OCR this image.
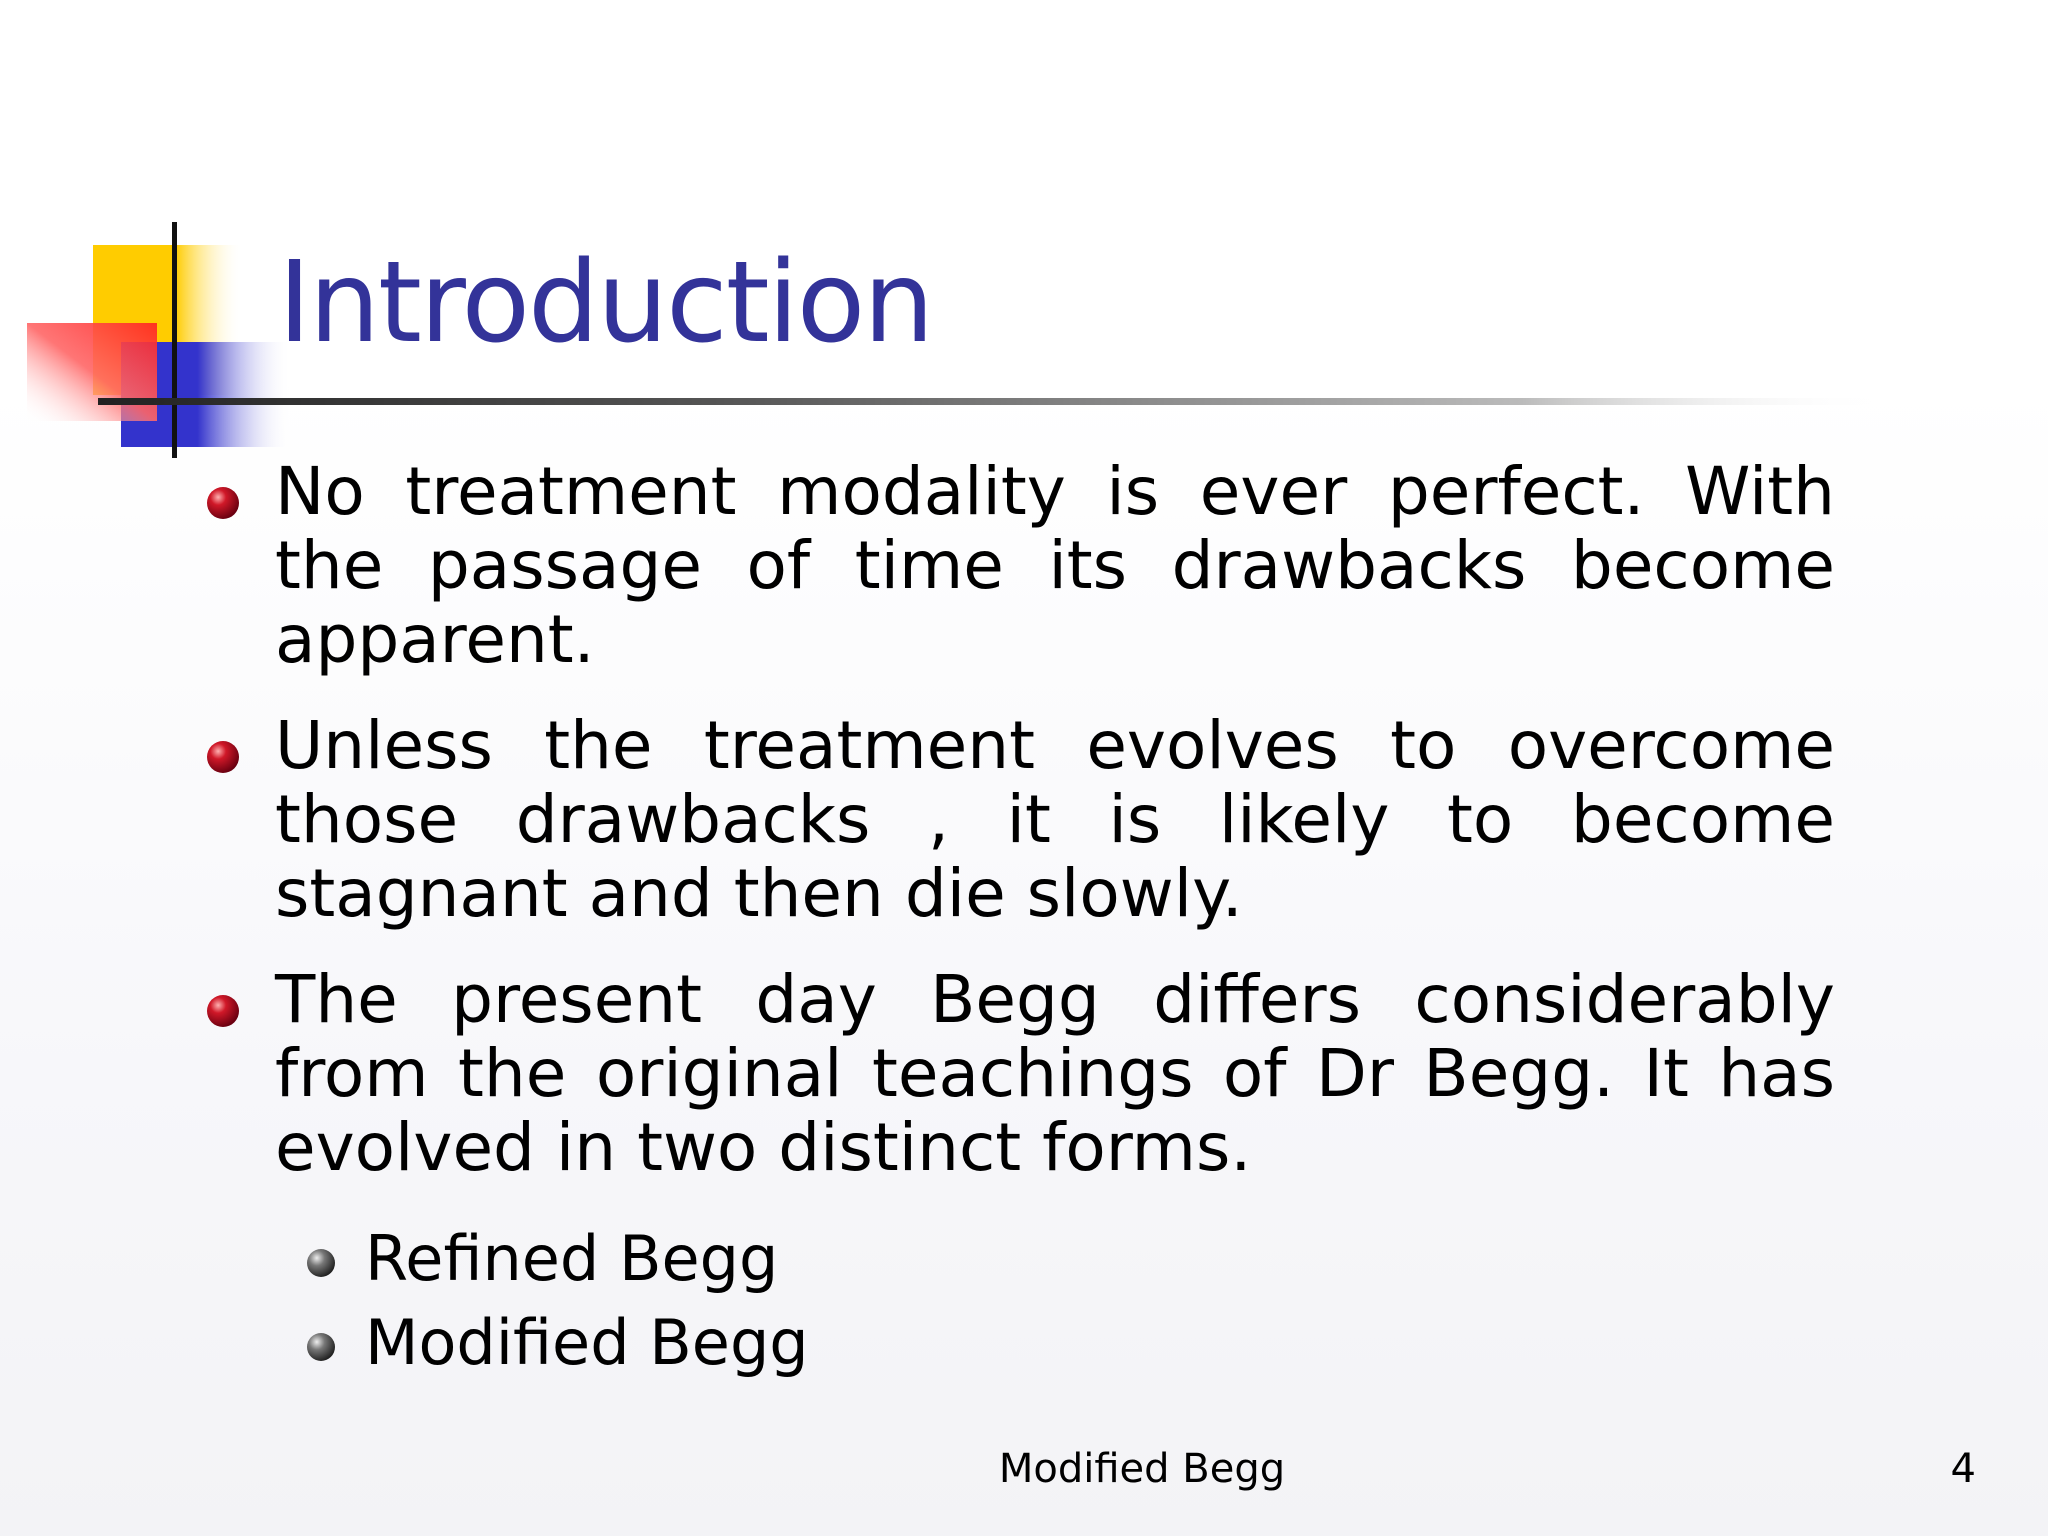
Introduction
No treatment modality is ever perfect. With the passage of time its drawbacks become apparent.
Unless the treatment evolves to overcome those drawbacks , it is likely to become stagnant and then die slowly.
The present day Begg differs considerably from the original teachings of Dr Begg. It has evolved in two distinct forms.
Refined Begg
Modified Begg
Modified Begg	4
